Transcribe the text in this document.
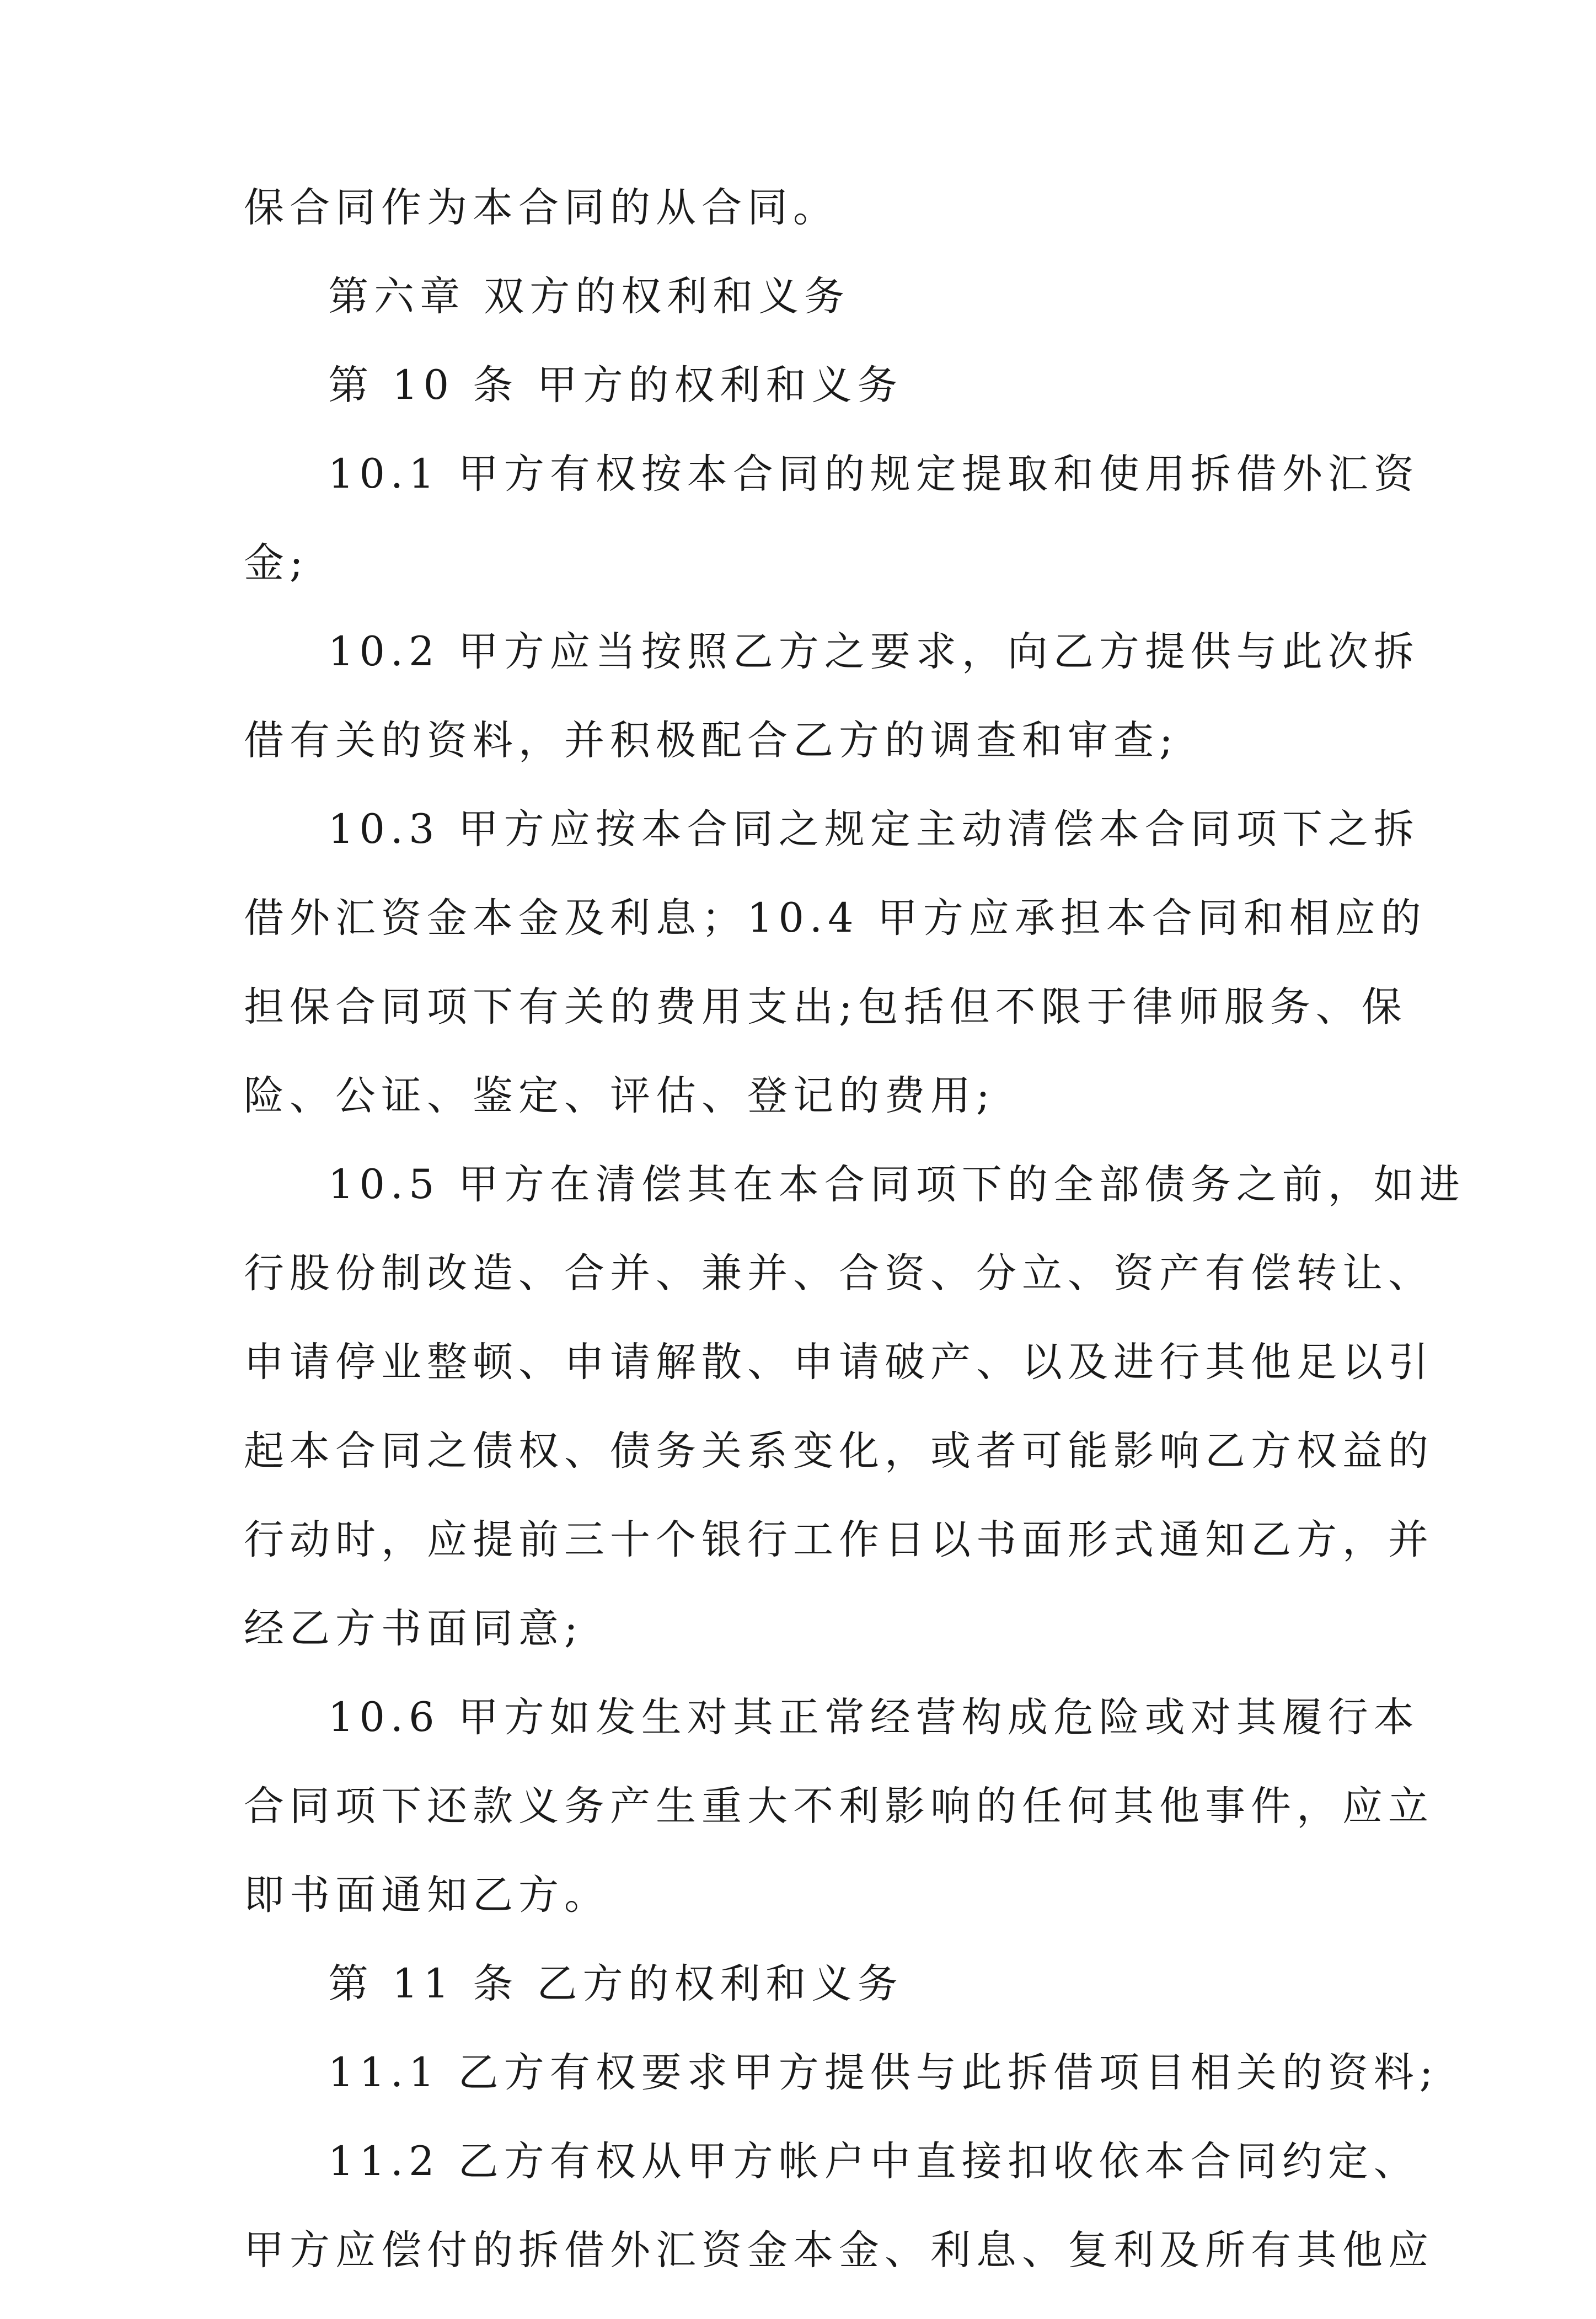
保合同作为本合同的从合同。
第六章 双方的权利和义务
第 10 条 甲方的权利和义务
10.1 甲方有权按本合同的规定提取和使用拆借外汇资
金;
10.2 甲方应当按照乙方之要求，向乙方提供与此次拆
借有关的资料，并积极配合乙方的调查和审查;
10.3 甲方应按本合同之规定主动清偿本合同项下之拆
借外汇资金本金及利息；10.4 甲方应承担本合同和相应的
担保合同项下有关的费用支出;包括但不限于律师服务、保
险、公证、鉴定、评估、登记的费用;
10.5 甲方在清偿其在本合同项下的全部债务之前，如进
行股份制改造、合并、兼并、合资、分立、资产有偿转让、
申请停业整顿、申请解散、申请破产、以及进行其他足以引
起本合同之债权、债务关系变化，或者可能影响乙方权益的
行动时，应提前三十个银行工作日以书面形式通知乙方，并
经乙方书面同意;
10.6 甲方如发生对其正常经营构成危险或对其履行本
合同项下还款义务产生重大不利影响的任何其他事件，应立
即书面通知乙方。
第 11 条 乙方的权利和义务
11.1 乙方有权要求甲方提供与此拆借项目相关的资料;
11.2 乙方有权从甲方帐户中直接扣收依本合同约定、
甲方应偿付的拆借外汇资金本金、利息、复利及所有其他应
